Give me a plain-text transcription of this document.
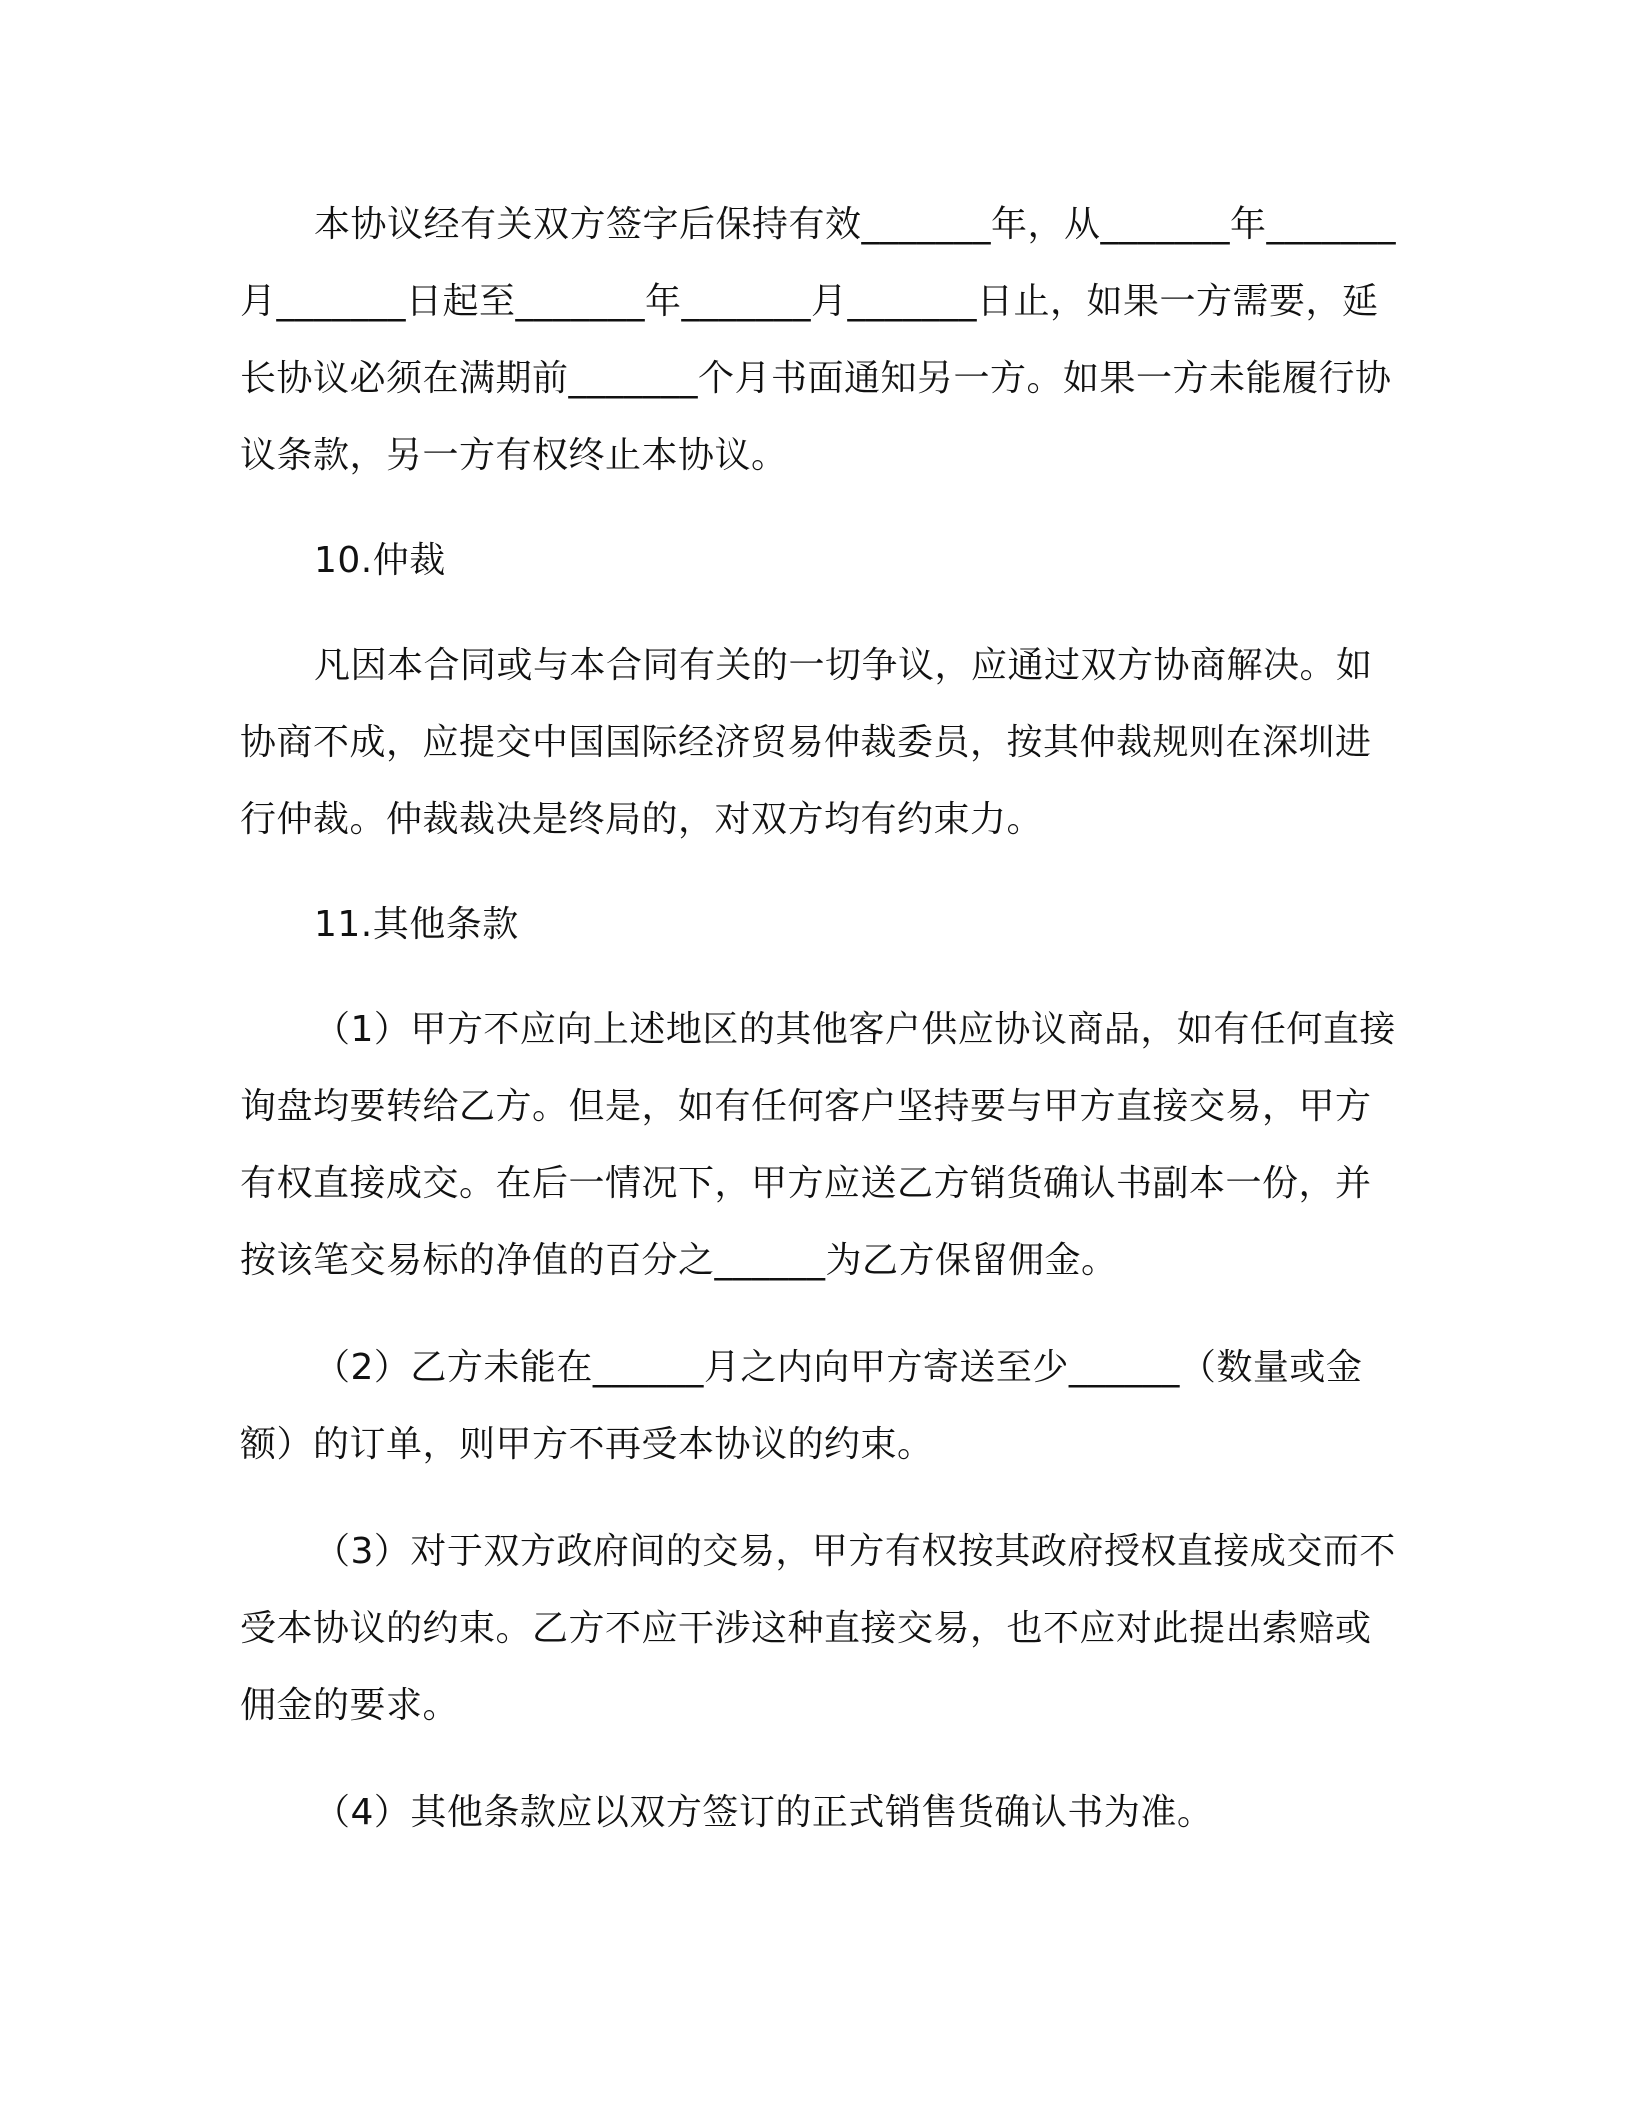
本协议经有关双方签字后保持有效_______年，从_______年_______月_______日起至_______年_______月_______日止，如果一方需要，延长协议必须在满期前_______个月书面通知另一方。如果一方未能履行协议条款，另一方有权终止本协议。

10.仲裁

凡因本合同或与本合同有关的一切争议，应通过双方协商解决。如协商不成，应提交中国国际经济贸易仲裁委员，按其仲裁规则在深圳进行仲裁。仲裁裁决是终局的，对双方均有约束力。

11.其他条款

（1）甲方不应向上述地区的其他客户供应协议商品，如有任何直接询盘均要转给乙方。但是，如有任何客户坚持要与甲方直接交易，甲方有权直接成交。在后一情况下，甲方应送乙方销货确认书副本一份，并按该笔交易标的净值的百分之______为乙方保留佣金。

（2）乙方未能在______月之内向甲方寄送至少______（数量或金额）的订单，则甲方不再受本协议的约束。

（3）对于双方政府间的交易，甲方有权按其政府授权直接成交而不受本协议的约束。乙方不应干涉这种直接交易，也不应对此提出索赔或佣金的要求。

（4）其他条款应以双方签订的正式销售货确认书为准。
